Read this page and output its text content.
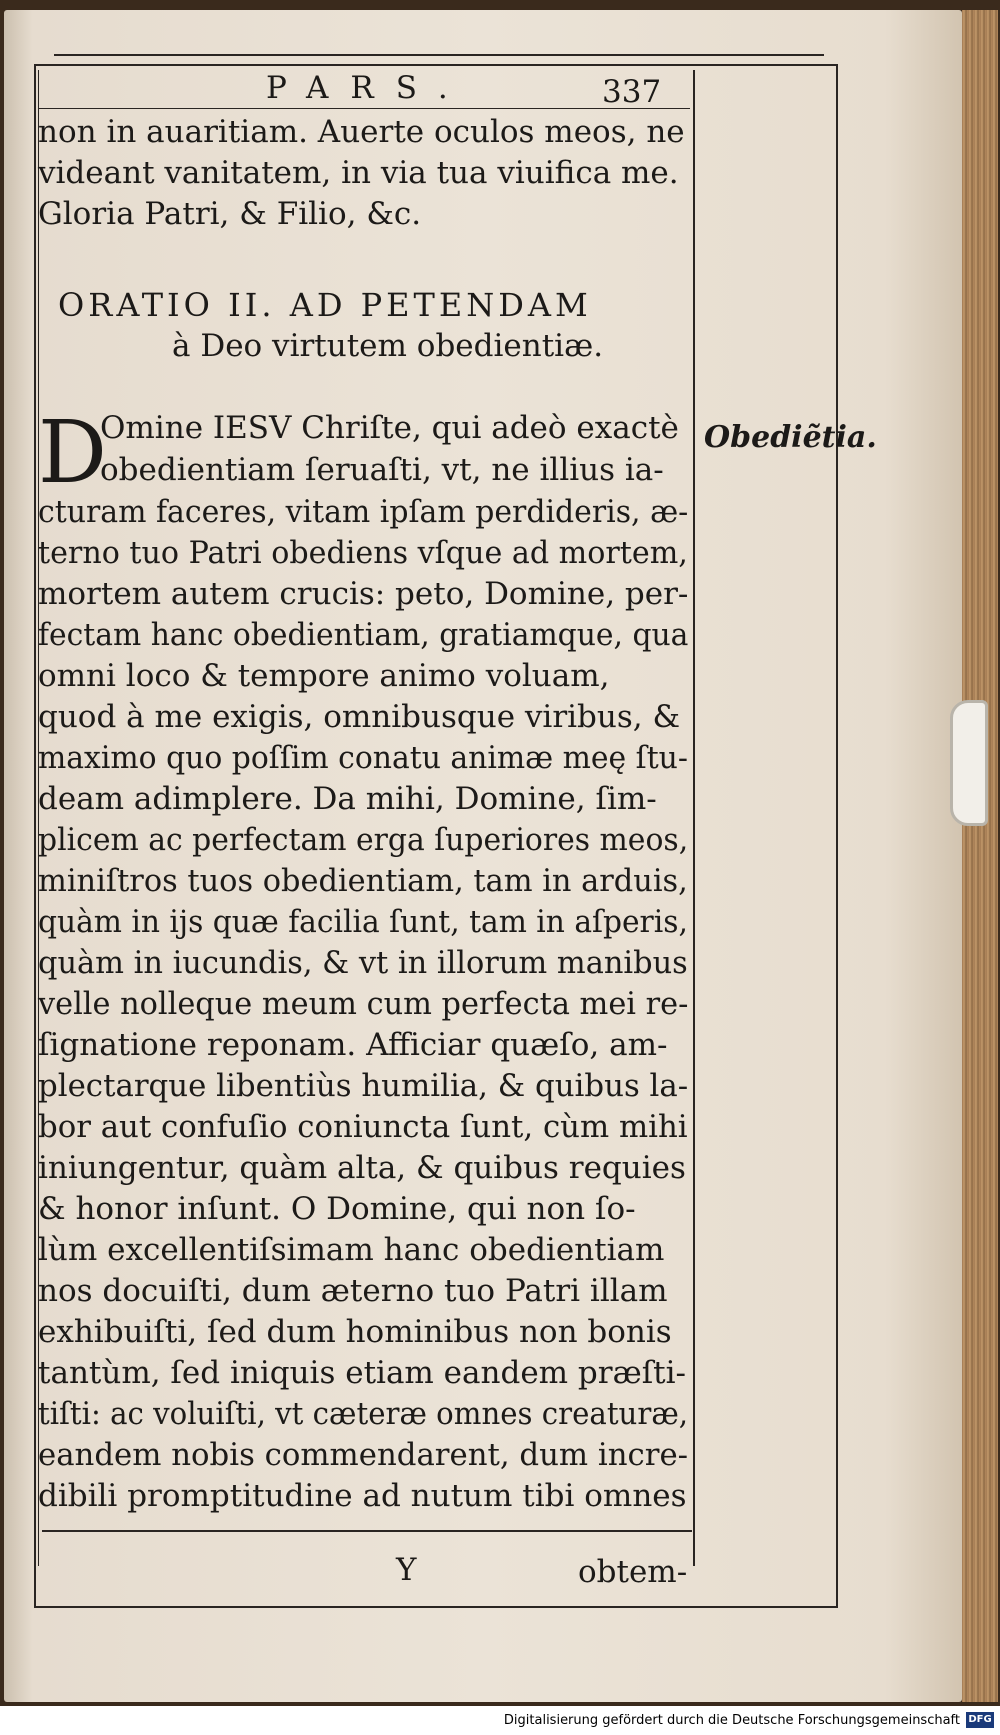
PARS.	337
non in auaritiam. Auerte oculos meos, ne
videant vanitatem, in via tua viuifica me.
Gloria Patri, & Filio, &c.
ORATIO II. AD PETENDAM
à Deo virtutem obedientiæ.
D
Omine IESV Chriſte, qui adeò exactè
obedientiam ſeruaſti, vt, ne illius ia-
Obediẽtia.
cturam faceres, vitam ipſam perdideris, æ-
terno tuo Patri obediens vſque ad mortem,
mortem autem crucis: peto, Domine, per-
fectam hanc obedientiam, gratiamque, qua
omni loco & tempore animo voluam,
quod à me exigis, omnibusque viribus, &
maximo quo poſſim conatu animæ meę ſtu-
deam adimplere. Da mihi, Domine, ſim-
plicem ac perfectam erga ſuperiores meos,
miniſtros tuos obedientiam, tam in arduis,
quàm in ijs quæ facilia ſunt, tam in aſperis,
quàm in iucundis, & vt in illorum manibus
velle nolleque meum cum perfecta mei re-
ſignatione reponam. Afficiar quæſo, am-
plectarque libentiùs humilia, & quibus la-
bor aut confuſio coniuncta ſunt, cùm mihi
iniungentur, quàm alta, & quibus requies
& honor inſunt. O Domine, qui non ſo-
lùm excellentiſsimam hanc obedientiam
nos docuiſti, dum æterno tuo Patri illam
exhibuiſti, ſed dum hominibus non bonis
tantùm, ſed iniquis etiam eandem præſti-
tiſti: ac voluiſti, vt cæteræ omnes creaturæ,
eandem nobis commendarent, dum incre-
dibili promptitudine ad nutum tibi omnes
Y	obtem-
Digitalisierung gefördert durch die Deutsche Forschungsgemeinschaft DFG
